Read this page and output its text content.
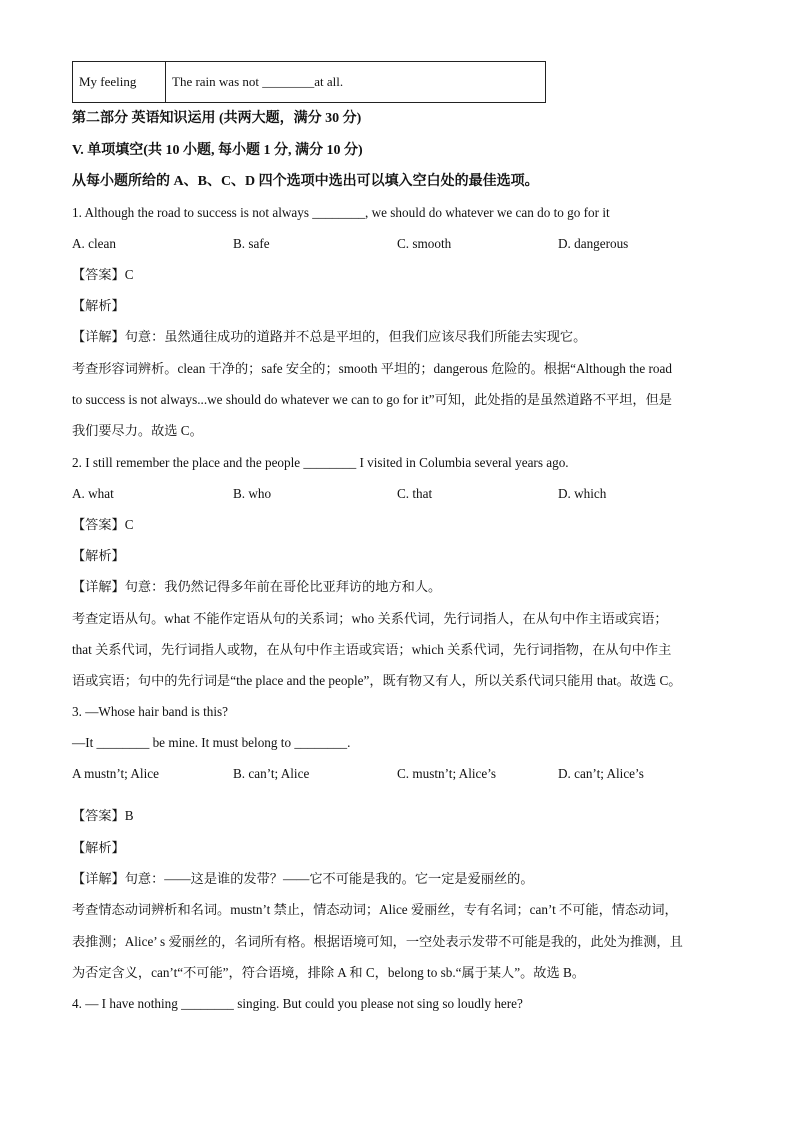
My feeling	The rain was not ________at all.
第二部分 英语知识运用 (共两大题，满分 30 分)
V. 单项填空(共 10 小题, 每小题 1 分, 满分 10 分)
从每小题所给的 A、B、C、D 四个选项中选出可以填入空白处的最佳选项。
1. Although the road to success is not always ________, we should do whatever we can do to go for it
A. clean	B. safe	C. smooth	D. dangerous
【答案】C
【解析】
【详解】句意：虽然通往成功的道路并不总是平坦的，但我们应该尽我们所能去实现它。
考查形容词辨析。clean 干净的；safe 安全的；smooth 平坦的；dangerous 危险的。根据“Although the road
to success is not always...we should do whatever we can to go for it”可知，此处指的是虽然道路不平坦，但是
我们要尽力。故选 C。
2. I still remember the place and the people ________ I visited in Columbia several years ago.
A. what	B. who	C. that	D. which
【答案】C
【解析】
【详解】句意：我仍然记得多年前在哥伦比亚拜访的地方和人。
考查定语从句。what 不能作定语从句的关系词；who 关系代词，先行词指人，在从句中作主语或宾语；
that 关系代词，先行词指人或物，在从句中作主语或宾语；which 关系代词，先行词指物，在从句中作主
语或宾语；句中的先行词是“the place and the people”，既有物又有人，所以关系代词只能用 that。故选 C。
3. —Whose hair band is this?
—It ________ be mine. It must belong to ________.
A mustn’t; Alice	B. can’t; Alice	C. mustn’t; Alice’s	D. can’t; Alice’s
【答案】B
【解析】
【详解】句意：——这是谁的发带？——它不可能是我的。它一定是爱丽丝的。
考查情态动词辨析和名词。mustn’t 禁止，情态动词；Alice 爱丽丝，专有名词；can’t 不可能，情态动词，
表推测；Alice’ s 爱丽丝的，名词所有格。根据语境可知，一空处表示发带不可能是我的，此处为推测，且
为否定含义，can’t“不可能”，符合语境，排除 A 和 C，belong to sb.“属于某人”。故选 B。
4. — I have nothing ________ singing. But could you please not sing so loudly here?
